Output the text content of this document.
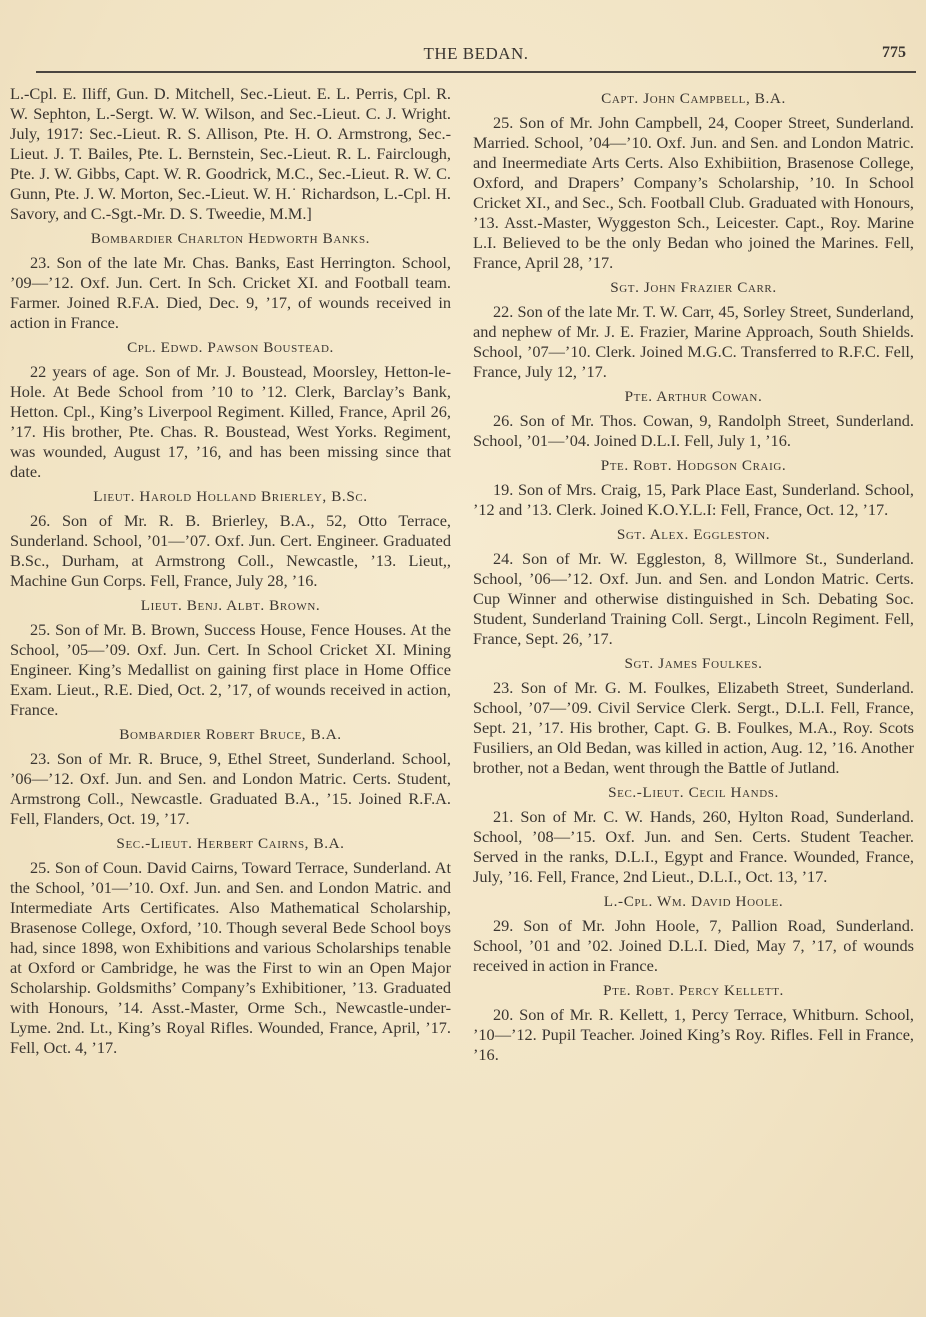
THE BEDAN.	775

L.-Cpl. E. Iliff, Gun. D. Mitchell, Sec.-Lieut. E. L. Perris, Cpl. R. W. Sephton, L.-Sergt. W. W. Wilson, and Sec.-Lieut. C. J. Wright. July, 1917: Sec.-Lieut. R. S. Allison, Pte. H. O. Armstrong, Sec.-Lieut. J. T. Bailes, Pte. L. Bernstein, Sec.-Lieut. R. L. Fairclough, Pte. J. W. Gibbs, Capt. W. R. Goodrick, M.C., Sec.-Lieut. R. W. C. Gunn, Pte. J. W. Morton, Sec.-Lieut. W. H.˙ Richardson, L.-Cpl. H. Savory, and C.-Sgt.-Mr. D. S. Tweedie, M.M.]

Bombardier Charlton Hedworth Banks.

23. Son of the late Mr. Chas. Banks, East Herrington. School, ’09—’12. Oxf. Jun. Cert. In Sch. Cricket XI. and Football team. Farmer. Joined R.F.A. Died, Dec. 9, ’17, of wounds received in action in France.

Cpl. Edwd. Pawson Boustead.

22 years of age. Son of Mr. J. Boustead, Moorsley, Hetton-le-Hole. At Bede School from ’10 to ’12. Clerk, Barclay’s Bank, Hetton. Cpl., King’s Liverpool Regiment. Killed, France, April 26, ’17. His brother, Pte. Chas. R. Boustead, West Yorks. Regiment, was wounded, August 17, ’16, and has been missing since that date.

Lieut. Harold Holland Brierley, B.Sc.

26. Son of Mr. R. B. Brierley, B.A., 52, Otto Terrace, Sunderland. School, ’01—’07. Oxf. Jun. Cert. Engineer. Graduated B.Sc., Durham, at Armstrong Coll., Newcastle, ’13. Lieut,, Machine Gun Corps. Fell, France, July 28, ’16.

Lieut. Benj. Albt. Brown.

25. Son of Mr. B. Brown, Success House, Fence Houses. At the School, ’05—’09. Oxf. Jun. Cert. In School Cricket XI. Mining Engineer. King’s Medallist on gaining first place in Home Office Exam. Lieut., R.E. Died, Oct. 2, ’17, of wounds received in action, France.

Bombardier Robert Bruce, B.A.

23. Son of Mr. R. Bruce, 9, Ethel Street, Sunderland. School, ’06—’12. Oxf. Jun. and Sen. and London Matric. Certs. Student, Armstrong Coll., Newcastle. Graduated B.A., ’15. Joined R.F.A. Fell, Flanders, Oct. 19, ’17.

Sec.-Lieut. Herbert Cairns, B.A.

25. Son of Coun. David Cairns, Toward Terrace, Sunderland. At the School, ’01—’10. Oxf. Jun. and Sen. and London Matric. and Intermediate Arts Certificates. Also Mathematical Scholarship, Brasenose College, Oxford, ’10. Though several Bede School boys had, since 1898, won Exhibitions and various Scholarships tenable at Oxford or Cambridge, he was the First to win an Open Major Scholarship. Goldsmiths’ Company’s Exhibitioner, ’13. Graduated with Honours, ’14. Asst.-Master, Orme Sch., Newcastle-under-Lyme. 2nd. Lt., King’s Royal Rifles. Wounded, France, April, ’17. Fell, Oct. 4, ’17.

Capt. John Campbell, B.A.

25. Son of Mr. John Campbell, 24, Cooper Street, Sunderland. Married. School, ’04—’10. Oxf. Jun. and Sen. and London Matric. and Ineermediate Arts Certs. Also Exhibiition, Brasenose College, Oxford, and Drapers’ Company’s Scholarship, ’10. In School Cricket XI., and Sec., Sch. Football Club. Graduated with Honours, ’13. Asst.-Master, Wyggeston Sch., Leicester. Capt., Roy. Marine L.I. Believed to be the only Bedan who joined the Marines. Fell, France, April 28, ’17.

Sgt. John Frazier Carr.

22. Son of the late Mr. T. W. Carr, 45, Sorley Street, Sunderland, and nephew of Mr. J. E. Frazier, Marine Approach, South Shields. School, ’07—’10. Clerk. Joined M.G.C. Transferred to R.F.C. Fell, France, July 12, ’17.

Pte. Arthur Cowan.

26. Son of Mr. Thos. Cowan, 9, Randolph Street, Sunderland. School, ’01—’04. Joined D.L.I. Fell, July 1, ’16.

Pte. Robt. Hodgson Craig.

19. Son of Mrs. Craig, 15, Park Place East, Sunderland. School, ’12 and ’13. Clerk. Joined K.O.Y.L.I: Fell, France, Oct. 12, ’17.

Sgt. Alex. Eggleston.

24. Son of Mr. W. Eggleston, 8, Willmore St., Sunderland. School, ’06—’12. Oxf. Jun. and Sen. and London Matric. Certs. Cup Winner and otherwise distinguished in Sch. Debating Soc. Student, Sunderland Training Coll. Sergt., Lincoln Regiment. Fell, France, Sept. 26, ’17.

Sgt. James Foulkes.

23. Son of Mr. G. M. Foulkes, Elizabeth Street, Sunderland. School, ’07—’09. Civil Service Clerk. Sergt., D.L.I. Fell, France, Sept. 21, ’17. His brother, Capt. G. B. Foulkes, M.A., Roy. Scots Fusiliers, an Old Bedan, was killed in action, Aug. 12, ’16. Another brother, not a Bedan, went through the Battle of Jutland.

Sec.-Lieut. Cecil Hands.

21. Son of Mr. C. W. Hands, 260, Hylton Road, Sunderland. School, ’08—’15. Oxf. Jun. and Sen. Certs. Student Teacher. Served in the ranks, D.L.I., Egypt and France. Wounded, France, July, ’16. Fell, France, 2nd Lieut., D.L.I., Oct. 13, ’17.

L.-Cpl. Wm. David Hoole.

29. Son of Mr. John Hoole, 7, Pallion Road, Sunderland. School, ’01 and ’02. Joined D.L.I. Died, May 7, ’17, of wounds received in action in France.

Pte. Robt. Percy Kellett.

20. Son of Mr. R. Kellett, 1, Percy Terrace, Whitburn. School, ’10—’12. Pupil Teacher. Joined King’s Roy. Rifles. Fell in France, ’16.
